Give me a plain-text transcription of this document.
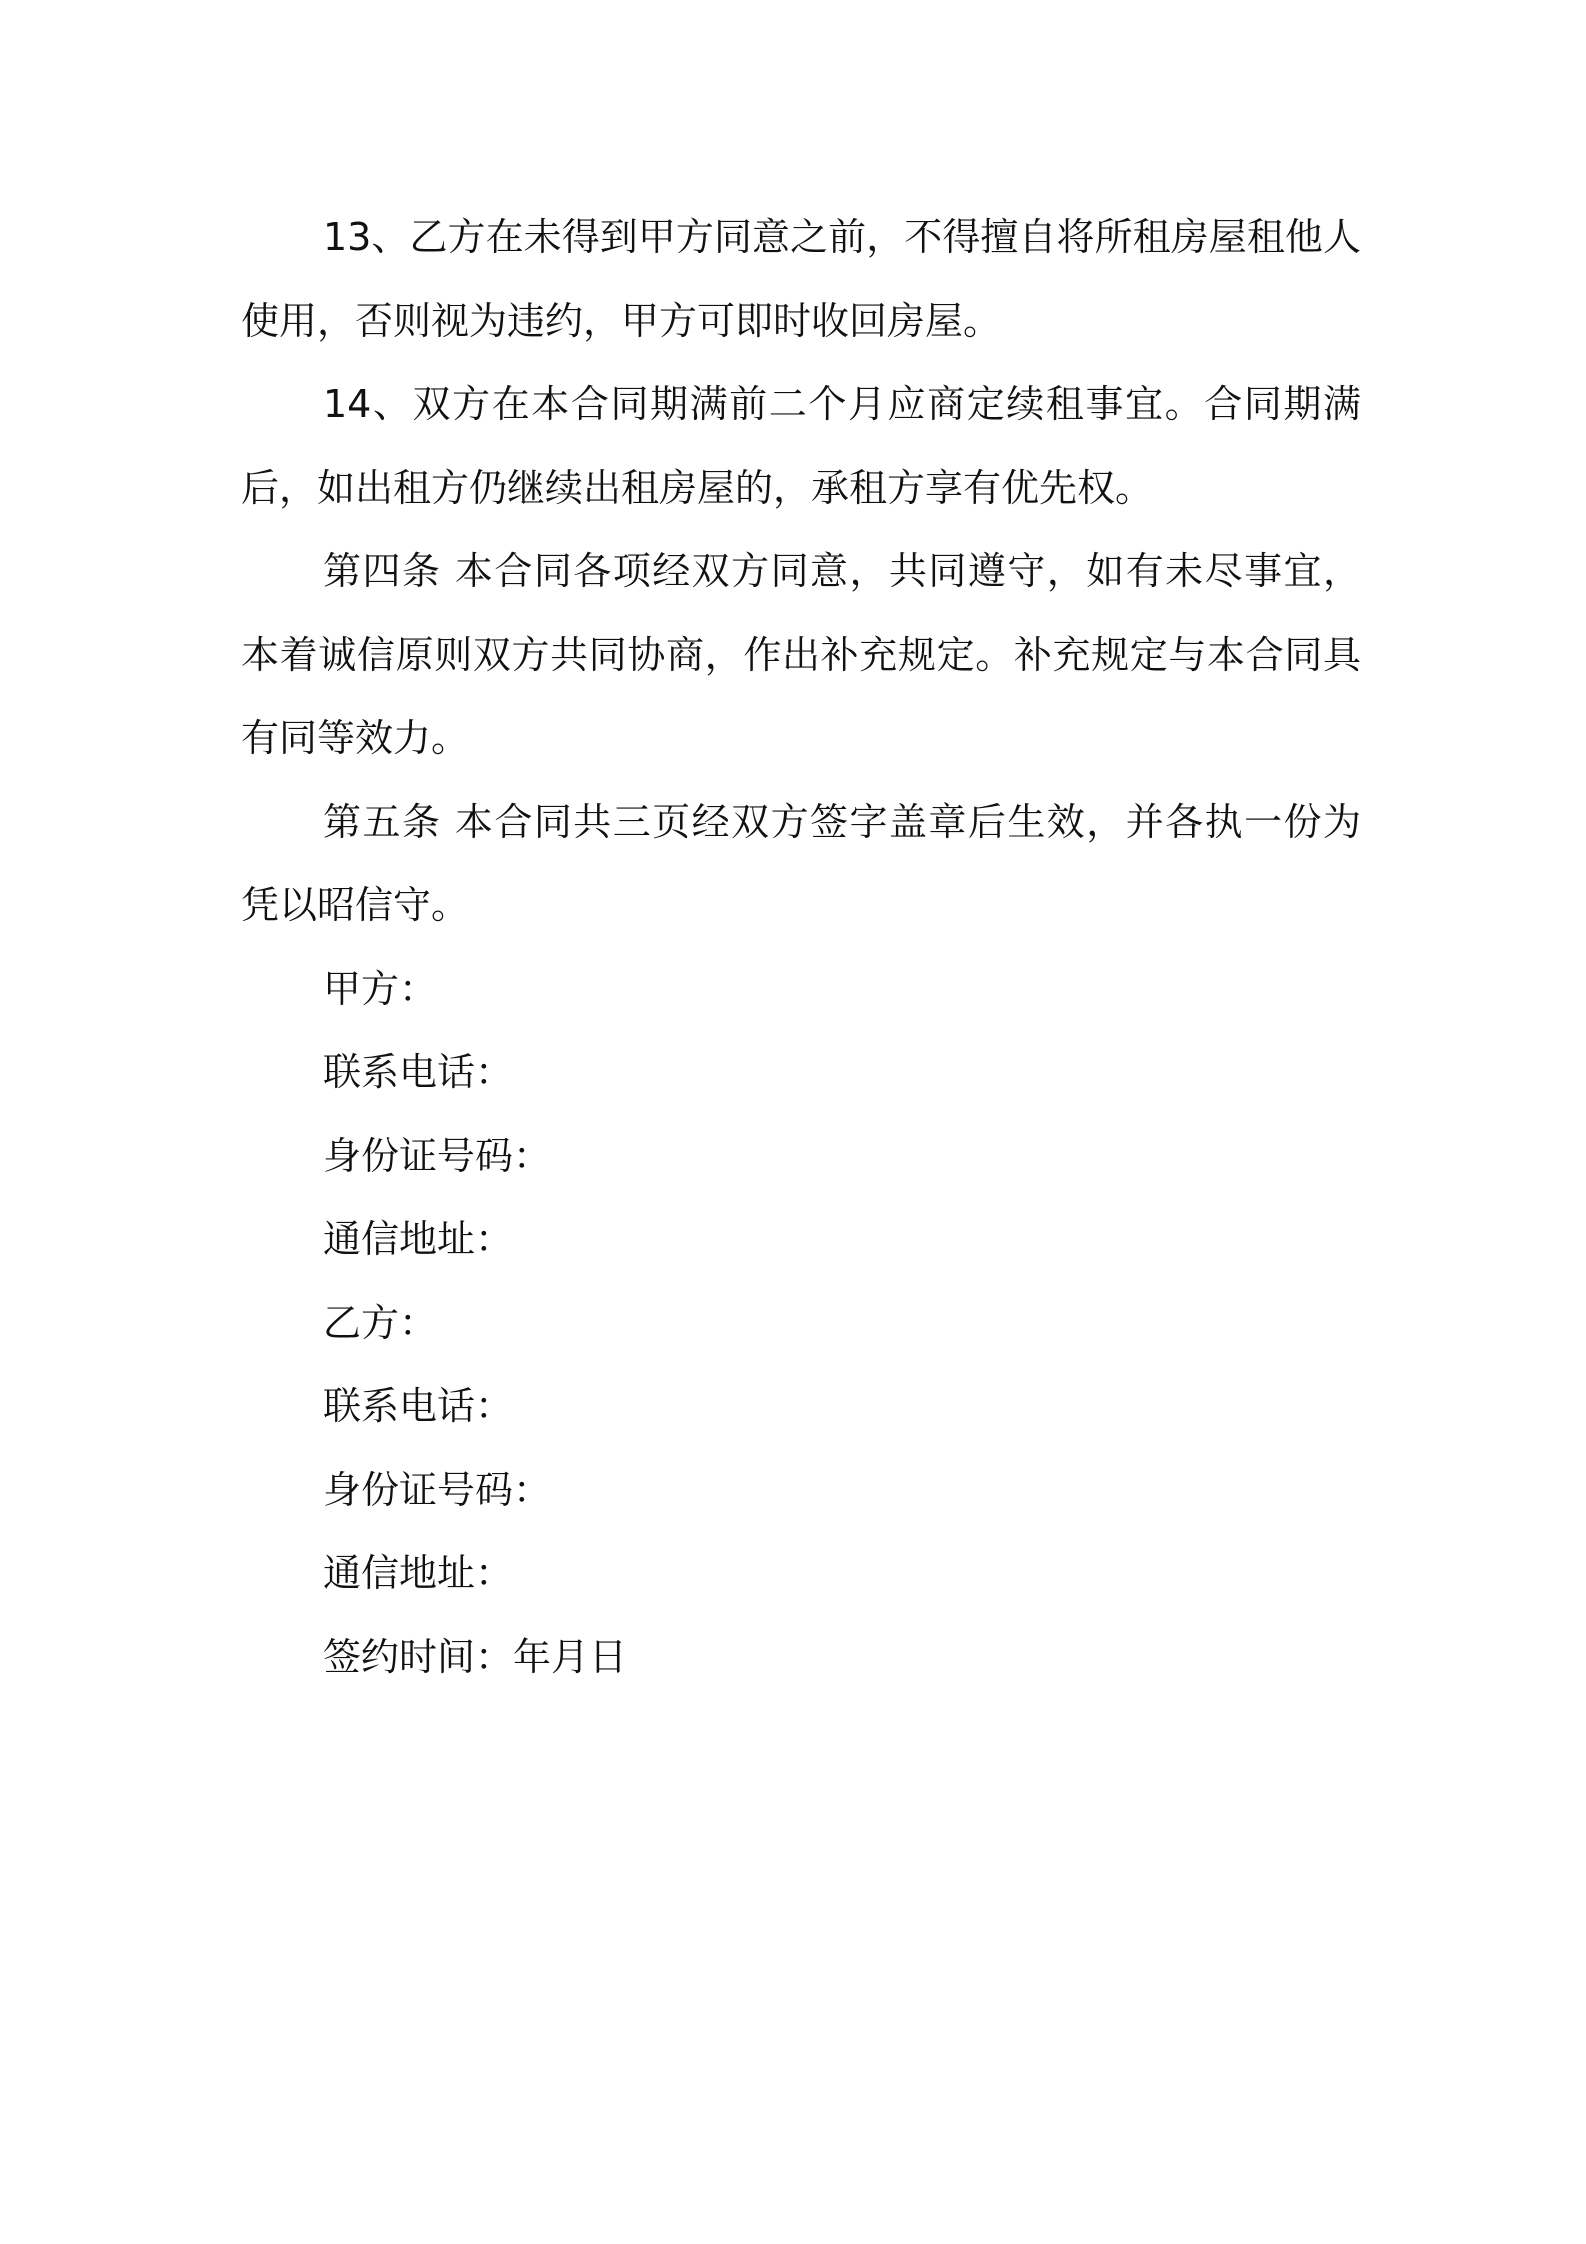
13、乙方在未得到甲方同意之前，不得擅自将所租房屋租他人使用，否则视为违约，甲方可即时收回房屋。

14、双方在本合同期满前二个月应商定续租事宜。合同期满后，如出租方仍继续出租房屋的，承租方享有优先权。

第四条 本合同各项经双方同意，共同遵守，如有未尽事宜，本着诚信原则双方共同协商，作出补充规定。补充规定与本合同具有同等效力。

第五条 本合同共三页经双方签字盖章后生效，并各执一份为凭以昭信守。

甲方：

联系电话：

身份证号码：

通信地址：

乙方：

联系电话：

身份证号码：

通信地址：

签约时间：年月日
